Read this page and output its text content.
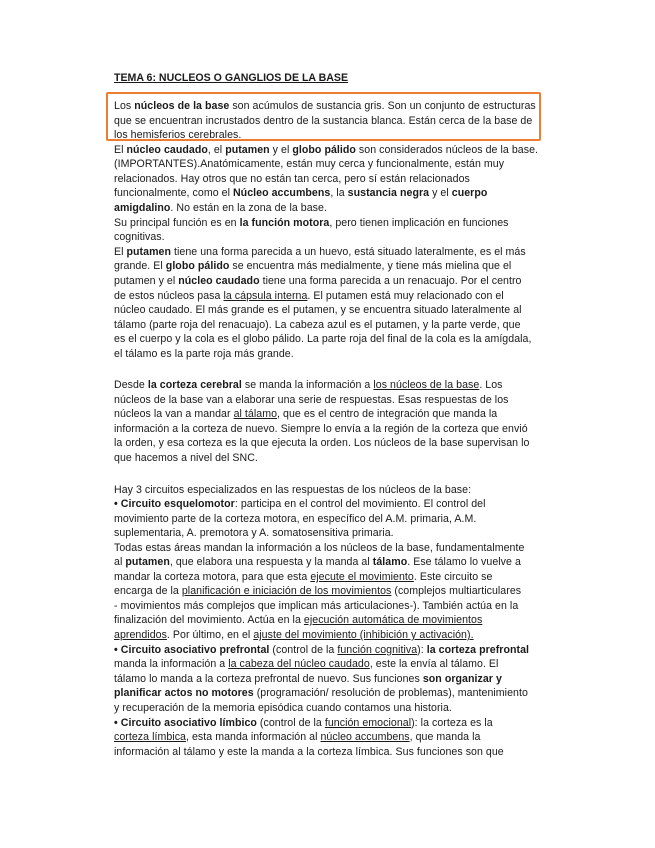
TEMA 6: NUCLEOS O GANGLIOS DE LA BASE
Los núcleos de la base son acúmulos de sustancia gris. Son un conjunto de estructuras
que se encuentran incrustados dentro de la sustancia blanca. Están cerca de la base de
los hemisferios cerebrales.
El núcleo caudado, el putamen y el globo pálido son considerados núcleos de la base.
(IMPORTANTES).Anatómicamente, están muy cerca y funcionalmente, están muy
relacionados. Hay otros que no están tan cerca, pero sí están relacionados
funcionalmente, como el Núcleo accumbens, la sustancia negra y el cuerpo
amigdalino. No están en la zona de la base.
Su principal función es en la función motora, pero tienen implicación en funciones
cognitivas.
El putamen tiene una forma parecida a un huevo, está situado lateralmente, es el más
grande. El globo pálido se encuentra más medialmente, y tiene más mielina que el
putamen y el núcleo caudado tiene una forma parecida a un renacuajo. Por el centro
de estos núcleos pasa la cápsula interna. El putamen está muy relacionado con el
núcleo caudado. El más grande es el putamen, y se encuentra situado lateralmente al
tálamo (parte roja del renacuajo). La cabeza azul es el putamen, y la parte verde, que
es el cuerpo y la cola es el globo pálido. La parte roja del final de la cola es la amígdala,
el tálamo es la parte roja más grande.
Desde la corteza cerebral se manda la información a los núcleos de la base. Los
núcleos de la base van a elaborar una serie de respuestas. Esas respuestas de los
núcleos la van a mandar al tálamo, que es el centro de integración que manda la
información a la corteza de nuevo. Siempre lo envía a la región de la corteza que envió
la orden, y esa corteza es la que ejecuta la orden. Los núcleos de la base supervisan lo
que hacemos a nivel del SNC.
Hay 3 circuitos especializados en las respuestas de los núcleos de la base:
• Circuito esquelomotor: participa en el control del movimiento. El control del
movimiento parte de la corteza motora, en específico del A.M. primaria, A.M.
suplementaria, A. premotora y A. somatosensitiva primaria.
Todas estas áreas mandan la información a los núcleos de la base, fundamentalmente
al putamen, que elabora una respuesta y la manda al tálamo. Ese tálamo lo vuelve a
mandar la corteza motora, para que esta ejecute el movimiento. Este circuito se
encarga de la planificación e iniciación de los movimientos (complejos multiarticulares
- movimientos más complejos que implican más articulaciones-). También actúa en la
finalización del movimiento. Actúa en la ejecución automática de movimientos
aprendidos. Por último, en el ajuste del movimiento (inhibición y activación).
• Circuito asociativo prefrontal (control de la función cognitiva): la corteza prefrontal
manda la información a la cabeza del núcleo caudado, este la envía al tálamo. El
tálamo lo manda a la corteza prefrontal de nuevo. Sus funciones son organizar y
planificar actos no motores (programación/ resolución de problemas), mantenimiento
y recuperación de la memoria episódica cuando contamos una historia.
• Circuito asociativo límbico (control de la función emocional): la corteza es la
corteza límbica, esta manda información al núcleo accumbens, que manda la
información al tálamo y este la manda a la corteza límbica. Sus funciones son que
